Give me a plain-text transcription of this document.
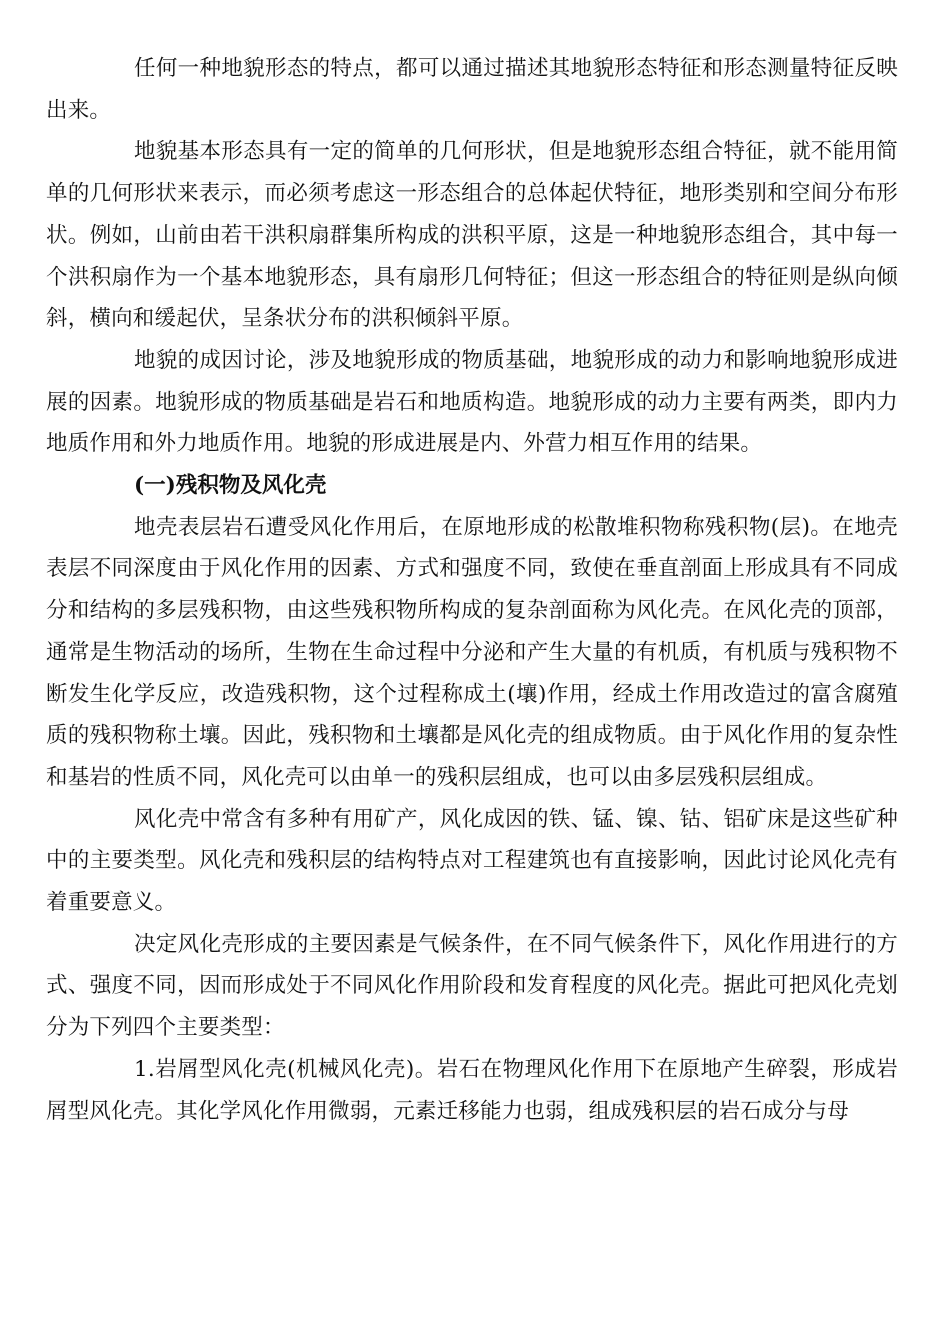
任何一种地貌形态的特点，都可以通过描述其地貌形态特征和形态测量特征反映出来。

地貌基本形态具有一定的简单的几何形状，但是地貌形态组合特征，就不能用简单的几何形状来表示，而必须考虑这一形态组合的总体起伏特征，地形类别和空间分布形状。例如，山前由若干洪积扇群集所构成的洪积平原，这是一种地貌形态组合，其中每一个洪积扇作为一个基本地貌形态，具有扇形几何特征；但这一形态组合的特征则是纵向倾斜，横向和缓起伏，呈条状分布的洪积倾斜平原。

地貌的成因讨论，涉及地貌形成的物质基础，地貌形成的动力和影响地貌形成进展的因素。地貌形成的物质基础是岩石和地质构造。地貌形成的动力主要有两类，即内力地质作用和外力地质作用。地貌的形成进展是内、外营力相互作用的结果。

(一)残积物及风化壳

地壳表层岩石遭受风化作用后，在原地形成的松散堆积物称残积物(层)。在地壳表层不同深度由于风化作用的因素、方式和强度不同，致使在垂直剖面上形成具有不同成分和结构的多层残积物，由这些残积物所构成的复杂剖面称为风化壳。在风化壳的顶部，通常是生物活动的场所，生物在生命过程中分泌和产生大量的有机质，有机质与残积物不断发生化学反应，改造残积物，这个过程称成土(壤)作用，经成土作用改造过的富含腐殖质的残积物称土壤。因此，残积物和土壤都是风化壳的组成物质。由于风化作用的复杂性和基岩的性质不同，风化壳可以由单一的残积层组成，也可以由多层残积层组成。

风化壳中常含有多种有用矿产，风化成因的铁、锰、镍、钴、铝矿床是这些矿种中的主要类型。风化壳和残积层的结构特点对工程建筑也有直接影响，因此讨论风化壳有着重要意义。

决定风化壳形成的主要因素是气候条件，在不同气候条件下，风化作用进行的方式、强度不同，因而形成处于不同风化作用阶段和发育程度的风化壳。据此可把风化壳划分为下列四个主要类型：

1.岩屑型风化壳(机械风化壳)。岩石在物理风化作用下在原地产生碎裂，形成岩屑型风化壳。其化学风化作用微弱，元素迁移能力也弱，组成残积层的岩石成分与母
